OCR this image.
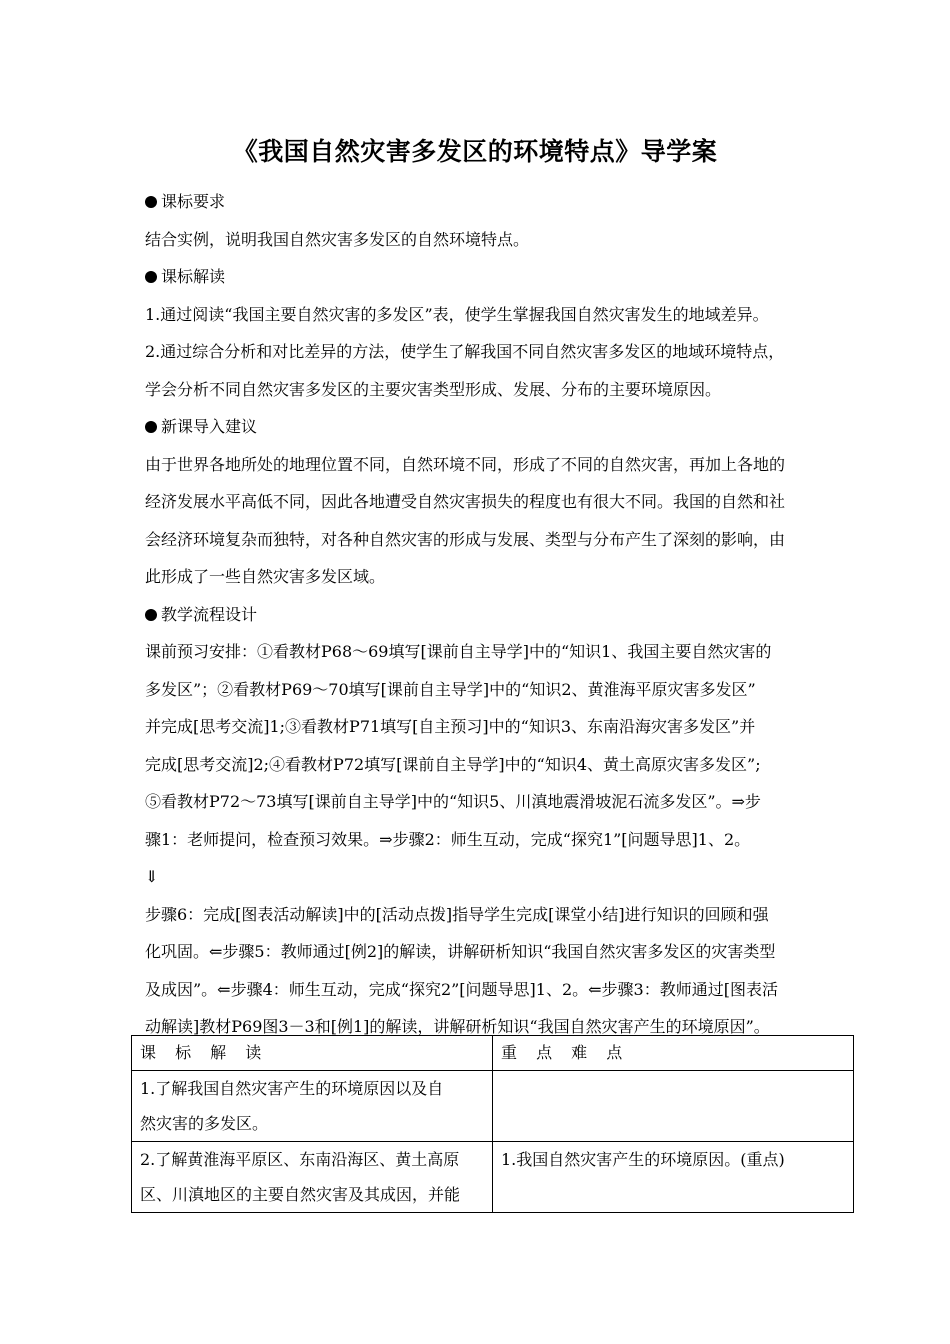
《我国自然灾害多发区的环境特点》导学案
课标要求
结合实例，说明我国自然灾害多发区的自然环境特点。
课标解读
1.通过阅读“我国主要自然灾害的多发区”表，使学生掌握我国自然灾害发生的地域差异。
2.通过综合分析和对比差异的方法，使学生了解我国不同自然灾害多发区的地域环境特点，
学会分析不同自然灾害多发区的主要灾害类型形成、发展、分布的主要环境原因。
新课导入建议
由于世界各地所处的地理位置不同，自然环境不同，形成了不同的自然灾害，再加上各地的
经济发展水平高低不同，因此各地遭受自然灾害损失的程度也有很大不同。我国的自然和社
会经济环境复杂而独特，对各种自然灾害的形成与发展、类型与分布产生了深刻的影响，由
此形成了一些自然灾害多发区域。
教学流程设计
课前预习安排：①看教材P68～69填写[课前自主导学]中的“知识1、我国主要自然灾害的
多发区”；②看教材P69～70填写[课前自主导学]中的“知识2、黄淮海平原灾害多发区”
并完成[思考交流]1;③看教材P71填写[自主预习]中的“知识3、东南沿海灾害多发区”并
完成[思考交流]2;④看教材P72填写[课前自主导学]中的“知识4、黄土高原灾害多发区”;
⑤看教材P72～73填写[课前自主导学]中的“知识5、川滇地震滑坡泥石流多发区”。⇒步
骤1：老师提问，检查预习效果。⇒步骤2：师生互动，完成“探究1”[问题导思]1、2。
⇓
步骤6：完成[图表活动解读]中的[活动点拨]指导学生完成[课堂小结]进行知识的回顾和强
化巩固。⇐步骤5：教师通过[例2]的解读，讲解研析知识“我国自然灾害多发区的灾害类型
及成因”。⇐步骤4：师生互动，完成“探究2”[问题导思]1、2。⇐步骤3：教师通过[图表活
动解读]教材P69图3－3和[例1]的解读，讲解研析知识“我国自然灾害产生的环境原因”。
课 标 解 读	重 点 难 点

1.了解我国自然灾害产生的环境原因以及自
然灾害的多发区。	

2.了解黄淮海平原区、东南沿海区、黄土高原
区、川滇地区的主要自然灾害及其成因，并能	1.我国自然灾害产生的环境原因。(重点)
